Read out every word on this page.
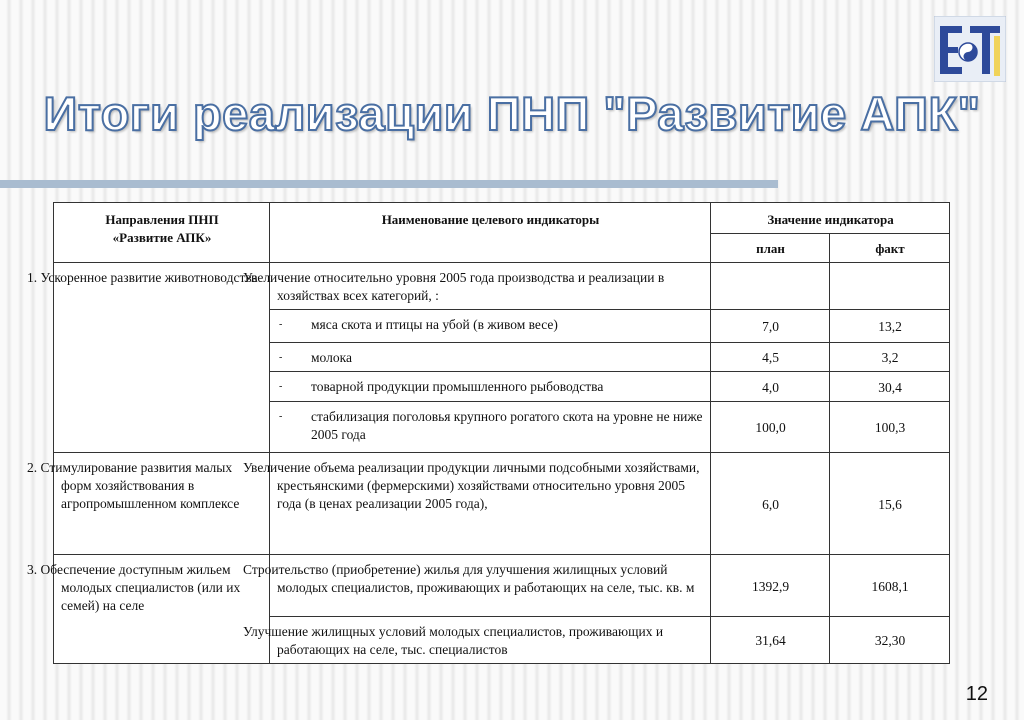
Итоги реализации ПНП "Развитие АПК"
Направления ПНП
«Развитие АПК»	Наименование целевого индикаторы	Значение индикатора	
		план	факт
1. Ускоренное развитие животноводства	Увеличение относительно уровня 2005 года производства и реализации в хозяйствах всех категорий, :		

	- мяса скота и птицы на убой (в живом весе)	7,0	13,2

	- молока	4,5	3,2

	- товарной продукции промышленного рыбоводства	4,0	30,4

	- стабилизация поголовья крупного рогатого скота на уровне не ниже 2005 года	100,0	100,3
2. Стимулирование развития малых форм хозяйствования в агропромышленном комплексе	Увеличение объема реализации продукции личными подсобными хозяйствами, крестьянскими (фермерскими) хозяйствами относительно уровня 2005 года (в ценах реализации 2005 года),	6,0	15,6
3. Обеспечение доступным жильем молодых специалистов (или их семей) на селе	Строительство (приобретение) жилья для улучшения жилищных условий молодых специалистов, проживающих и работающих на селе, тыс. кв. м	1392,9	1608,1
	Улучшение жилищных условий молодых специалистов, проживающих и работающих на селе, тыс. специалистов	31,64	32,30
12
